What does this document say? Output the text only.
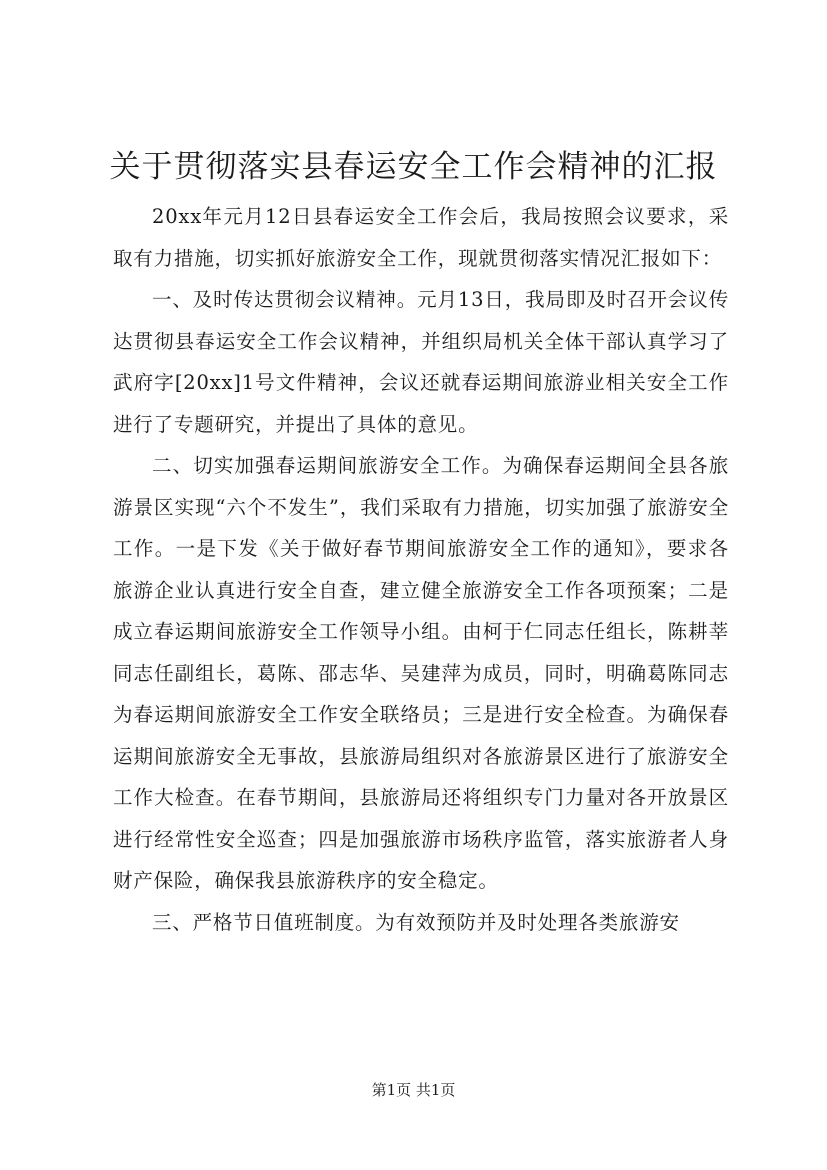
关于贯彻落实县春运安全工作会精神的汇报

20xx年元月12日县春运安全工作会后，我局按照会议要求，采取有力措施，切实抓好旅游安全工作，现就贯彻落实情况汇报如下：

一、及时传达贯彻会议精神。元月13日，我局即及时召开会议传达贯彻县春运安全工作会议精神，并组织局机关全体干部认真学习了武府字[20xx]1号文件精神，会议还就春运期间旅游业相关安全工作进行了专题研究，并提出了具体的意见。

二、切实加强春运期间旅游安全工作。为确保春运期间全县各旅游景区实现“六个不发生”，我们采取有力措施，切实加强了旅游安全工作。一是下发《关于做好春节期间旅游安全工作的通知》，要求各旅游企业认真进行安全自查，建立健全旅游安全工作各项预案；二是成立春运期间旅游安全工作领导小组。由柯于仁同志任组长，陈耕莘同志任副组长，葛陈、邵志华、吴建萍为成员，同时，明确葛陈同志为春运期间旅游安全工作安全联络员；三是进行安全检查。为确保春运期间旅游安全无事故，县旅游局组织对各旅游景区进行了旅游安全工作大检查。在春节期间，县旅游局还将组织专门力量对各开放景区进行经常性安全巡查；四是加强旅游市场秩序监管，落实旅游者人身财产保险，确保我县旅游秩序的安全稳定。

三、严格节日值班制度。为有效预防并及时处理各类旅游安

第1页 共1页
